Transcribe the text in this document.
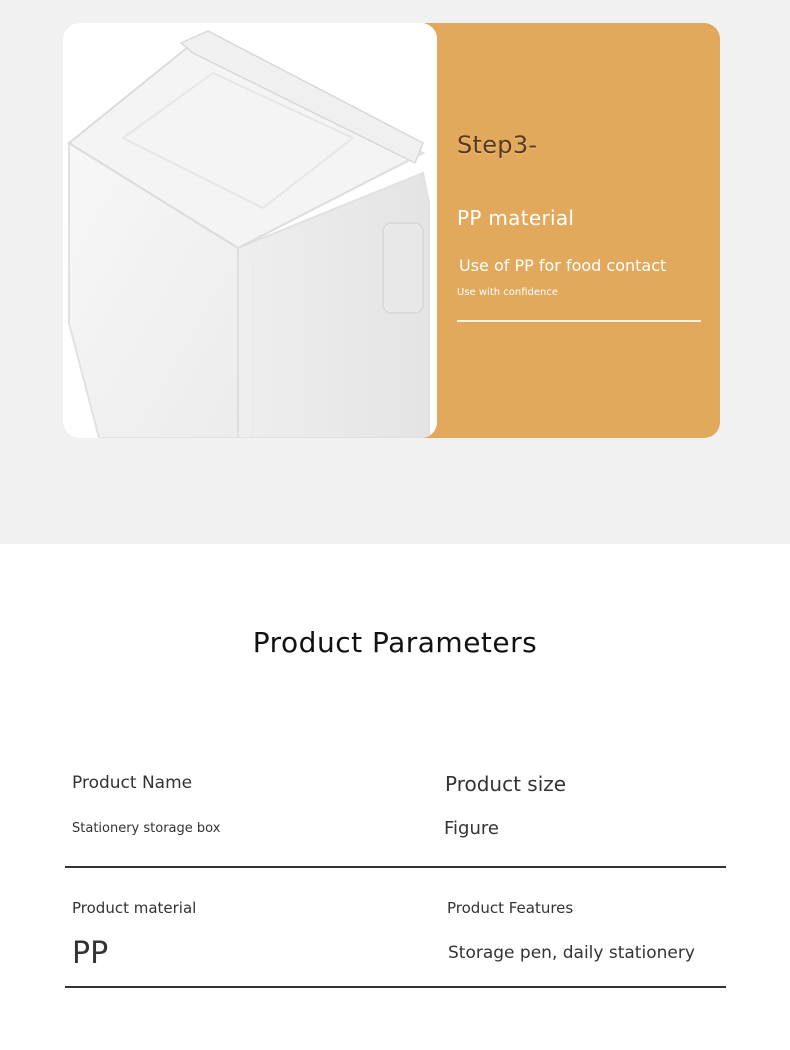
Step3-
PP material
Use of PP for food contact
Use with confidence
Product Parameters
Product Name
Stationery storage box
Product size
Figure
Product material
PP
Product Features
Storage pen, daily stationery
